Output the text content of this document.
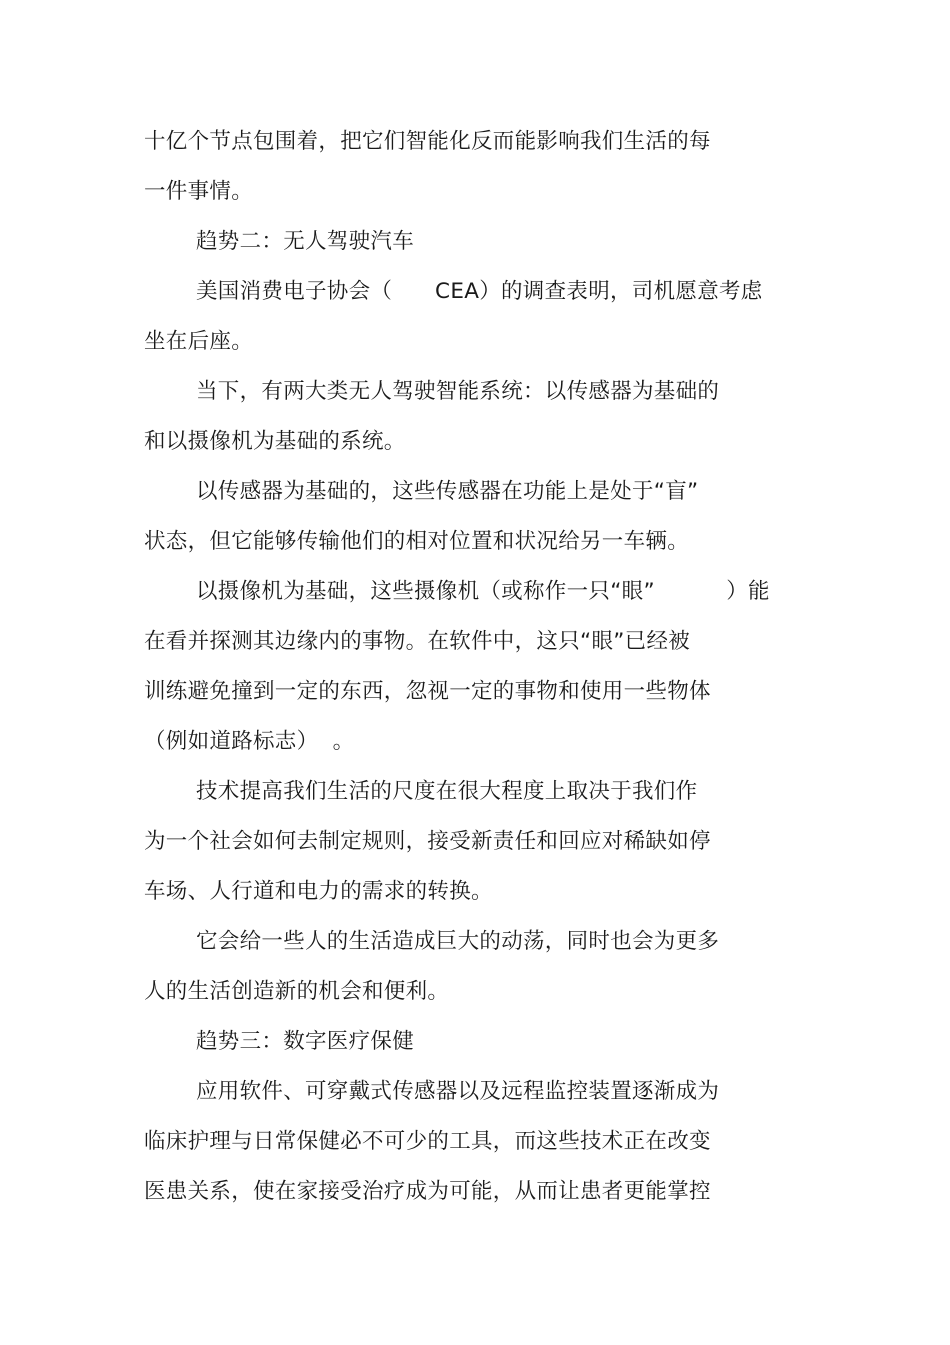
十亿个节点包围着，把它们智能化反而能影响我们生活的每
一件事情。
趋势二：无人驾驶汽车
美国消费电子协会（      CEA）的调查表明，司机愿意考虑
坐在后座。
当下，有两大类无人驾驶智能系统：以传感器为基础的
和以摄像机为基础的系统。
以传感器为基础的，这些传感器在功能上是处于“盲”
状态，但它能够传输他们的相对位置和状况给另一车辆。
以摄像机为基础，这些摄像机（或称作一只“眼”          ）能
在看并探测其边缘内的事物。在软件中，这只“眼”已经被
训练避免撞到一定的东西，忽视一定的事物和使用一些物体
（例如道路标志）  。
技术提高我们生活的尺度在很大程度上取决于我们作
为一个社会如何去制定规则，接受新责任和回应对稀缺如停
车场、人行道和电力的需求的转换。
它会给一些人的生活造成巨大的动荡，同时也会为更多
人的生活创造新的机会和便利。
趋势三：数字医疗保健
应用软件、可穿戴式传感器以及远程监控装置逐渐成为
临床护理与日常保健必不可少的工具，而这些技术正在改变
医患关系，使在家接受治疗成为可能，从而让患者更能掌控
